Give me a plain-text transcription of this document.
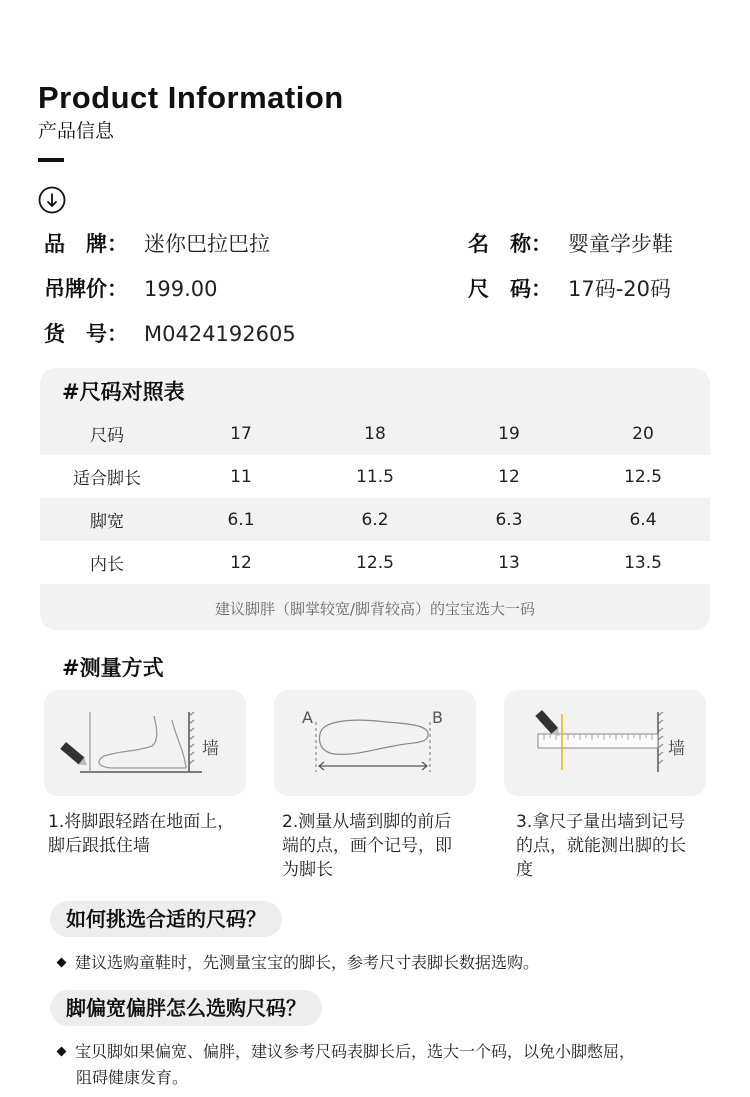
Product Information
产品信息
品　牌： 迷你巴拉巴拉	名　称： 婴童学步鞋
吊牌价： 199.00	尺　码： 17码-20码
货　号： M0424192605
#尺码对照表
尺码	17	18	19	20
适合脚长	11	11.5	12	12.5
脚宽	6.1	6.2	6.3	6.4
内长	12	12.5	13	13.5
建议脚胖（脚掌较宽/脚背较高）的宝宝选大一码
#测量方式
墙
A	B
墙
1.将脚跟轻踏在地面上，
脚后跟抵住墙
2.测量从墙到脚的前后
端的点，画个记号，即
为脚长
3.拿尺子量出墙到记号
的点，就能测出脚的长
度
如何挑选合适的尺码？
建议选购童鞋时，先测量宝宝的脚长，参考尺寸表脚长数据选购。
脚偏宽偏胖怎么选购尺码？
宝贝脚如果偏宽、偏胖，建议参考尺码表脚长后，选大一个码，以免小脚憋屈，
阻碍健康发育。
